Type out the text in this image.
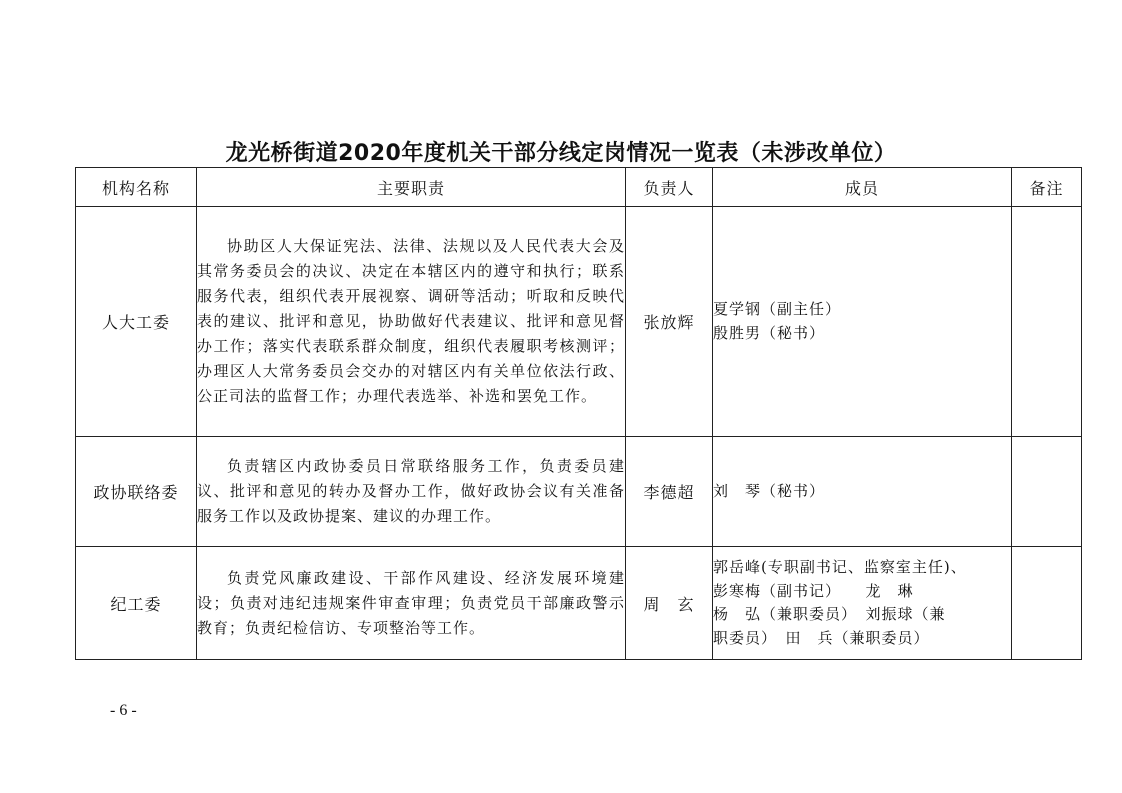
龙光桥街道2020年度机关干部分线定岗情况一览表（未涉改单位）
机构名称	主要职责	负责人	成员	备注
人大工委	协助区人大保证宪法、法律、法规以及人民代表大会及其常务委员会的决议、决定在本辖区内的遵守和执行；联系服务代表，组织代表开展视察、调研等活动；听取和反映代表的建议、批评和意见，协助做好代表建议、批评和意见督办工作；落实代表联系群众制度，组织代表履职考核测评；办理区人大常务委员会交办的对辖区内有关单位依法行政、公正司法的监督工作；办理代表选举、补选和罢免工作。	张放辉	夏学钢（副主任）
殷胜男（秘书）	

政协联络委	负责辖区内政协委员日常联络服务工作，负责委员建议、批评和意见的转办及督办工作，做好政协会议有关准备服务工作以及政协提案、建议的办理工作。	李德超	刘　琴（秘书）	

纪工委	负责党风廉政建设、干部作风建设、经济发展环境建设；负责对违纪违规案件审查审理；负责党员干部廉政警示教育；负责纪检信访、专项整治等工作。	周　玄	郭岳峰(专职副书记、监察室主任)、
彭寒梅（副书记）　　龙　琳
杨　弘（兼职委员）　刘振球（兼
职委员）　田　兵（兼职委员）	

- 6 -
